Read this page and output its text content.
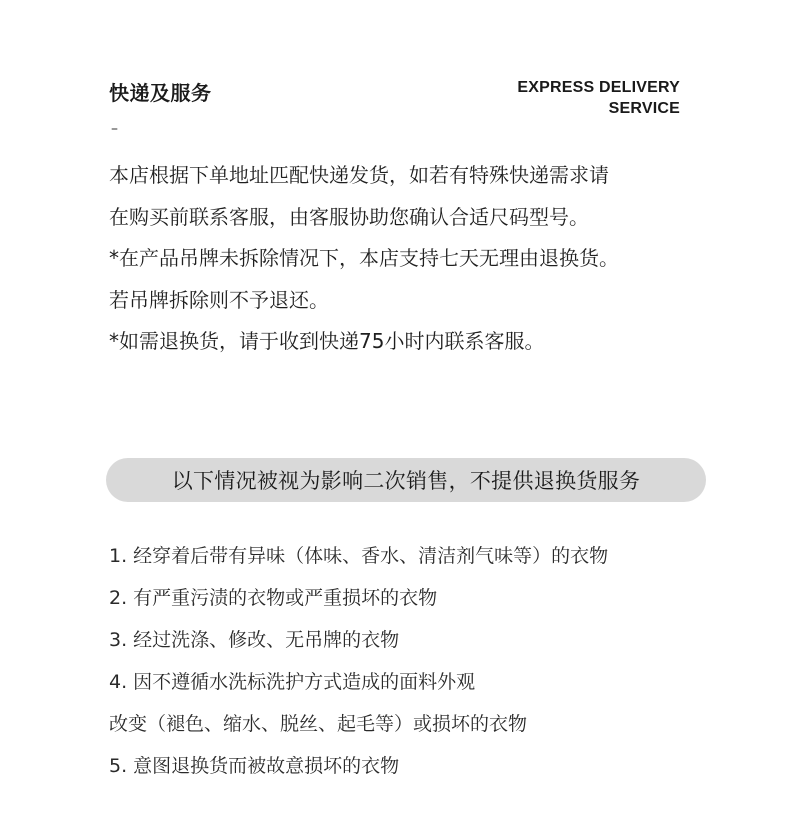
快递及服务	EXPRESS DELIVERY
SERVICE
–
本店根据下单地址匹配快递发货，如若有特殊快递需求请
在购买前联系客服，由客服协助您确认合适尺码型号。
*在产品吊牌未拆除情况下，本店支持七天无理由退换货。
若吊牌拆除则不予退还。
*如需退换货，请于收到快递75小时内联系客服。
以下情况被视为影响二次销售，不提供退换货服务
1. 经穿着后带有异味（体味、香水、清洁剂气味等）的衣物
2. 有严重污渍的衣物或严重损坏的衣物
3. 经过洗涤、修改、无吊牌的衣物
4. 因不遵循水洗标洗护方式造成的面料外观
改变（褪色、缩水、脱丝、起毛等）或损坏的衣物
5. 意图退换货而被故意损坏的衣物
